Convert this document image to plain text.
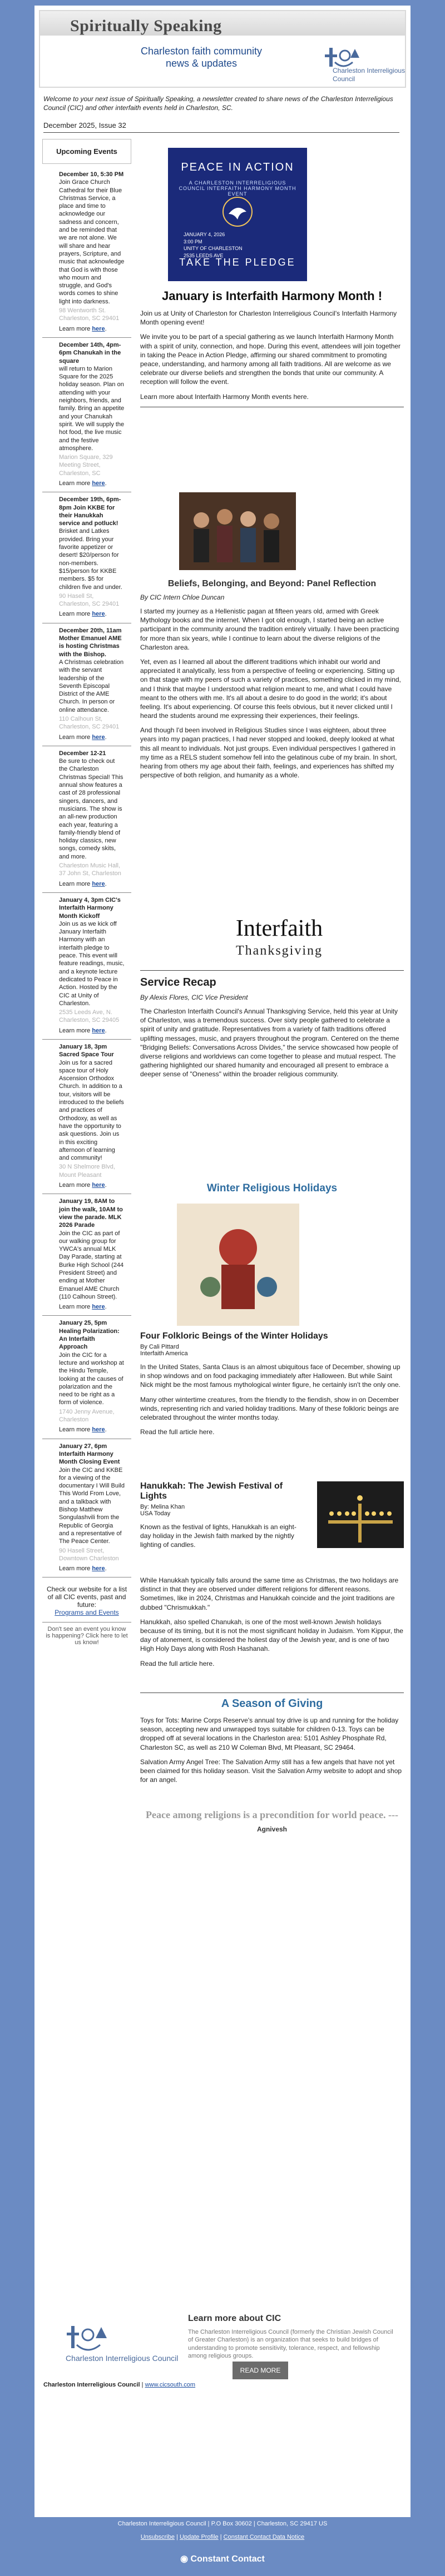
Spiritually Speaking
Charleston faith community news & updates
Charleston Interreligious Council
Welcome to your next issue of Spiritually Speaking, a newsletter created to share news of the Charleston Interreligious Council (CIC) and other interfaith events held in Charleston, SC.
December 2025, Issue 32
Upcoming Events
December 10, 5:30 PM
Join Grace Church Cathedral for their Blue Christmas Service, a place and time to acknowledge our sadness and concern, and be reminded that we are not alone. We will share and hear prayers, Scripture, and music that acknowledge that God is with those who mourn and struggle, and God's words comes to shine light into darkness.
98 Wentworth St. Charleston, SC 29401
Learn more here.
December 14th, 4pm-6pm Chanukah in the square
will return to Marion Square for the 2025 holiday season. Plan on attending with your neighbors, friends, and family. Bring an appetite and your Chanukah spirit. We will supply the hot food, the live music and the festive atmosphere.
Marion Square, 329 Meeting Street, Charleston, SC
Learn more here.
December 19th, 6pm-8pm Join KKBE for their Hanukkah service and potluck!
Brisket and Latkes provided. Bring your favorite appetizer or desert! $20/person for non-members. $15/person for KKBE members. $5 for children five and under.
90 Hasell St, Charleston, SC 29401
Learn more here.
December 20th, 11am Mother Emanuel AME is hosting Christmas with the Bishop.
A Christmas celebration with the servant leadership of the Seventh Episcopal District of the AME Church. In person or online attendance.
110 Calhoun St, Charleston, SC 29401
Learn more here.
December 12-21
Be sure to check out the Charleston Christmas Special! This annual show features a cast of 28 professional singers, dancers, and musicians. The show is an all-new production each year, featuring a family-friendly blend of holiday classics, new songs, comedy skits, and more.
Charleston Music Hall, 37 John St, Charleston
Learn more here.
January 4, 3pm CIC's Interfaith Harmony Month Kickoff
Join us as we kick off January Interfaith Harmony with an interfaith pledge to peace. This event will feature readings, music, and a keynote lecture dedicated to Peace in Action. Hosted by the CIC at Unity of Charleston.
2535 Leeds Ave, N. Charleston, SC 29405
Learn more here.
January 18, 3pm Sacred Space Tour
Join us for a sacred space tour of Holy Ascension Orthodox Church. In addition to a tour, visitors will be introduced to the beliefs and practices of Orthodoxy, as well as have the opportunity to ask questions. Join us in this exciting afternoon of learning and community!
30 N Shelmore Blvd, Mount Pleasant
Learn more here.
January 19, 8AM to join the walk, 10AM to view the parade. MLK 2026 Parade
Join the CIC as part of our walking group for YWCA's annual MLK Day Parade, starting at Burke High School (244 President Street) and ending at Mother Emanuel AME Church (110 Calhoun Street).
Learn more here.
January 25, 5pm Healing Polarization: An Interfaith Approach
Join the CIC for a lecture and workshop at the Hindu Temple, looking at the causes of polarization and the need to be right as a form of violence.
1740 Jenny Avenue, Charleston
Learn more here.
January 27, 6pm Interfaith Harmony Month Closing Event
Join the CIC and KKBE for a viewing of the documentary I Will Build This World From Love, and a talkback with Bishop Matthew Songulashvili from the Republic of Georgia and a representative of The Peace Center.
90 Hasell Street, Downtown Charleston
Learn more here.
Check our website for a list of all CIC events, past and future:
Programs and Events
Don't see an event you know is happening? Click here to let us know!
PEACE IN ACTION
A CHARLESTON INTERRELIGIOUS COUNCIL INTERFAITH HARMONY MONTH EVENT
JANUARY 4, 2026
3:00 PM
UNITY OF CHARLESTON
2535 LEEDS AVE
TAKE THE PLEDGE
January is Interfaith Harmony Month !
Join us at Unity of Charleston for Charleston Interreligious Council's Interfaith Harmony Month opening event!
We invite you to be part of a special gathering as we launch Interfaith Harmony Month with a spirit of unity, connection, and hope. During this event, attendees will join together in taking the Peace in Action Pledge, affirming our shared commitment to promoting peace, understanding, and harmony among all faith traditions. All are welcome as we celebrate our diverse beliefs and strengthen the bonds that unite our community. A reception will follow the event.
Learn more about Interfaith Harmony Month events here.
Beliefs, Belonging, and Beyond: Panel Reflection
By CIC Intern Chloe Duncan
I started my journey as a Hellenistic pagan at fifteen years old, armed with Greek Mythology books and the internet. When I got old enough, I started being an active participant in the community around the tradition entirely virtually. I have been practicing for more than six years, while I continue to learn about the diverse religions of the Charleston area.
Yet, even as I learned all about the different traditions which inhabit our world and appreciated it analytically, less from a perspective of feeling or experiencing. Sitting up on that stage with my peers of such a variety of practices, something clicked in my mind, and I think that maybe I understood what religion meant to me, and what I could have meant to the others with me. It's all about a desire to do good in the world; it's about feeling. It's about experiencing. Of course this feels obvious, but it never clicked until I heard the students around me expressing their experiences, their feelings.
And though I'd been involved in Religious Studies since I was eighteen, about three years into my pagan practices, I had never stopped and looked, deeply looked at what this all meant to individuals. Not just groups. Even individual perspectives I gathered in my time as a RELS student somehow fell into the gelatinous cube of my brain. In short, hearing from others my age about their faith, feelings, and experiences has shifted my perspective of both religion, and humanity as a whole.
Interfaith
Thanksgiving
Service Recap
By Alexis Flores, CIC Vice President
The Charleston Interfaith Council's Annual Thanksgiving Service, held this year at Unity of Charleston, was a tremendous success. Over sixty people gathered to celebrate a spirit of unity and gratitude. Representatives from a variety of faith traditions offered uplifting messages, music, and prayers throughout the program. Centered on the theme "Bridging Beliefs: Conversations Across Divides," the service showcased how people of diverse religions and worldviews can come together to please and mutual respect. The gathering highlighted our shared humanity and encouraged all present to embrace a deeper sense of "Oneness" within the broader religious community.
Winter Religious Holidays
Four Folkloric Beings of the Winter Holidays
By Cali Pittard
Interfaith America
In the United States, Santa Claus is an almost ubiquitous face of December, showing up in shop windows and on food packaging immediately after Halloween. But while Saint Nick might be the most famous mythological winter figure, he certainly isn't the only one.
Many other wintertime creatures, from the friendly to the fiendish, show in on December winds, representing rich and varied holiday traditions. Many of these folkloric beings are celebrated throughout the winter months today.
Read the full article here.
Hanukkah: The Jewish Festival of Lights
By: Melina Khan
USA Today
Known as the festival of lights, Hanukkah is an eight-day holiday in the Jewish faith marked by the nightly lighting of candles.
While Hanukkah typically falls around the same time as Christmas, the two holidays are distinct in that they are observed under different religions for different reasons. Sometimes, like in 2024, Christmas and Hanukkah coincide and the joint traditions are dubbed "Chrismukkah."
Hanukkah, also spelled Chanukah, is one of the most well-known Jewish holidays because of its timing, but it is not the most significant holiday in Judaism. Yom Kippur, the day of atonement, is considered the holiest day of the Jewish year, and is one of two High Holy Days along with Rosh Hashanah.
Read the full article here.
A Season of Giving
Toys for Tots: Marine Corps Reserve's annual toy drive is up and running for the holiday season, accepting new and unwrapped toys suitable for children 0-13. Toys can be dropped off at several locations in the Charleston area: 5101 Ashley Phosphate Rd, Charleston SC, as well as 210 W Coleman Blvd, Mt Pleasant, SC 29464.
Salvation Army Angel Tree: The Salvation Army still has a few angels that have not yet been claimed for this holiday season. Visit the Salvation Army website to adopt and shop for an angel.
Peace among religions is a precondition for world peace. ---
Agnivesh
Charleston Interreligious Council
Learn more about CIC
The Charleston Interreligious Council (formerly the Christian Jewish Council of Greater Charleston) is an organization that seeks to build bridges of understanding to promote sensitivity, tolerance, respect, and fellowship among religious groups.
READ MORE
Charleston Interreligious Council | www.cicsouth.com
Charleston Interreligious Council | P.O Box 30602 | Charleston, SC 29417 US
Unsubscribe | Update Profile | Constant Contact Data Notice
◉ Constant Contact
